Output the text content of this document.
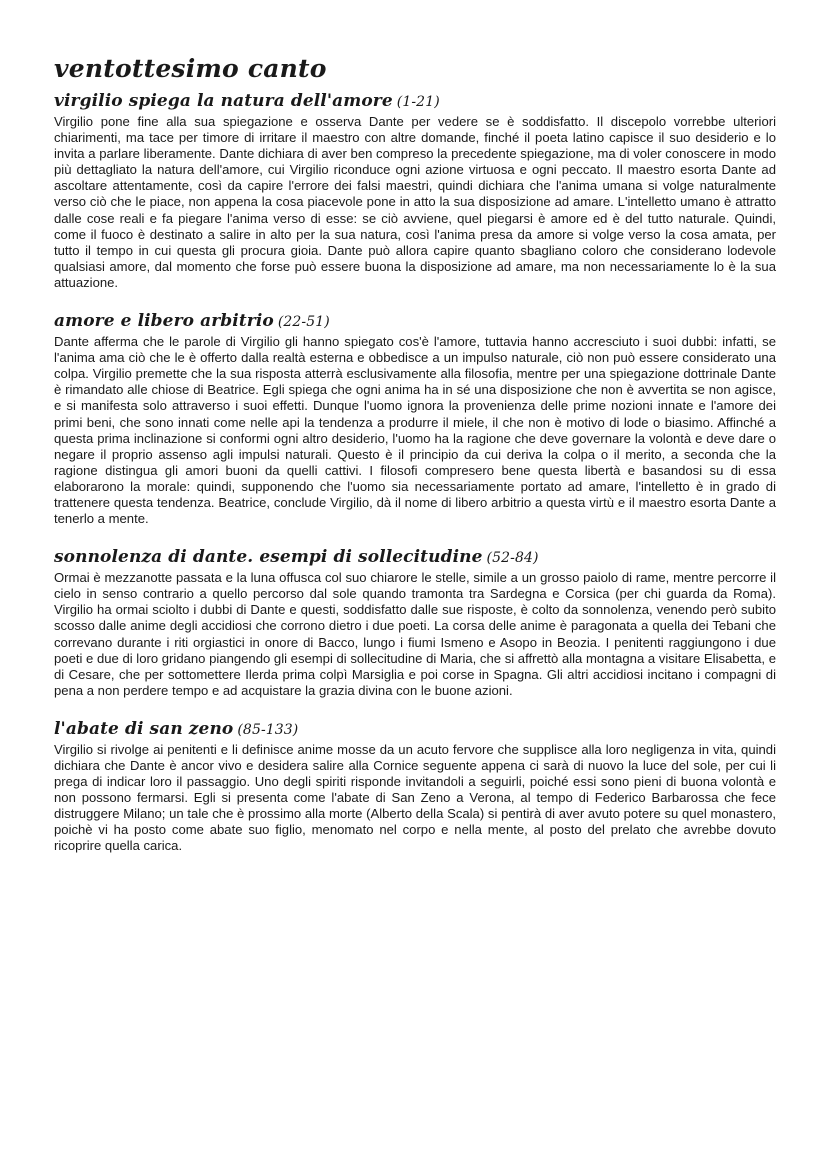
ventottesimo canto
virgilio spiega la natura dell'amore (1-21)

Virgilio pone fine alla sua spiegazione e osserva Dante per vedere se è soddisfatto. Il discepolo vorrebbe ulteriori chiarimenti, ma tace per timore di irritare il maestro con altre domande, finché il poeta latino capisce il suo desiderio e lo invita a parlare liberamente. Dante dichiara di aver ben compreso la precedente spiegazione, ma di voler conoscere in modo più dettagliato la natura dell'amore, cui Virgilio riconduce ogni azione virtuosa e ogni peccato. Il maestro esorta Dante ad ascoltare attentamente, così da capire l'errore dei falsi maestri, quindi dichiara che l'anima umana si volge naturalmente verso ciò che le piace, non appena la cosa piacevole pone in atto la sua disposizione ad amare. L'intelletto umano è attratto dalle cose reali e fa piegare l'anima verso di esse: se ciò avviene, quel piegarsi è amore ed è del tutto naturale. Quindi, come il fuoco è destinato a salire in alto per la sua natura, così l'anima presa da amore si volge verso la cosa amata, per tutto il tempo in cui questa gli procura gioia. Dante può allora capire quanto sbagliano coloro che considerano lodevole qualsiasi amore, dal momento che forse può essere buona la disposizione ad amare, ma non necessariamente lo è la sua attuazione.

amore e libero arbitrio (22-51)

Dante afferma che le parole di Virgilio gli hanno spiegato cos'è l'amore, tuttavia hanno accresciuto i suoi dubbi: infatti, se l'anima ama ciò che le è offerto dalla realtà esterna e obbedisce a un impulso naturale, ciò non può essere considerato una colpa. Virgilio premette che la sua risposta atterrà esclusivamente alla filosofia, mentre per una spiegazione dottrinale Dante è rimandato alle chiose di Beatrice. Egli spiega che ogni anima ha in sé una disposizione che non è avvertita se non agisce, e si manifesta solo attraverso i suoi effetti. Dunque l'uomo ignora la provenienza delle prime nozioni innate e l'amore dei primi beni, che sono innati come nelle api la tendenza a produrre il miele, il che non è motivo di lode o biasimo. Affinché a questa prima inclinazione si conformi ogni altro desiderio, l'uomo ha la ragione che deve governare la volontà e deve dare o negare il proprio assenso agli impulsi naturali. Questo è il principio da cui deriva la colpa o il merito, a seconda che la ragione distingua gli amori buoni da quelli cattivi. I filosofi compresero bene questa libertà e basandosi su di essa elaborarono la morale: quindi, supponendo che l'uomo sia necessariamente portato ad amare, l'intelletto è in grado di trattenere questa tendenza. Beatrice, conclude Virgilio, dà il nome di libero arbitrio a questa virtù e il maestro esorta Dante a tenerlo a mente.

sonnolenza di dante. esempi di sollecitudine (52-84)

Ormai è mezzanotte passata e la luna offusca col suo chiarore le stelle, simile a un grosso paiolo di rame, mentre percorre il cielo in senso contrario a quello percorso dal sole quando tramonta tra Sardegna e Corsica (per chi guarda da Roma). Virgilio ha ormai sciolto i dubbi di Dante e questi, soddisfatto dalle sue risposte, è colto da sonnolenza, venendo però subito scosso dalle anime degli accidiosi che corrono dietro i due poeti. La corsa delle anime è paragonata a quella dei Tebani che correvano durante i riti orgiastici in onore di Bacco, lungo i fiumi Ismeno e Asopo in Beozia. I penitenti raggiungono i due poeti e due di loro gridano piangendo gli esempi di sollecitudine di Maria, che si affrettò alla montagna a visitare Elisabetta, e di Cesare, che per sottomettere Ilerda prima colpì Marsiglia e poi corse in Spagna. Gli altri accidiosi incitano i compagni di pena a non perdere tempo e ad acquistare la grazia divina con le buone azioni.

l'abate di san zeno (85-133)

Virgilio si rivolge ai penitenti e li definisce anime mosse da un acuto fervore che supplisce alla loro negligenza in vita, quindi dichiara che Dante è ancor vivo e desidera salire alla Cornice seguente appena ci sarà di nuovo la luce del sole, per cui li prega di indicar loro il passaggio. Uno degli spiriti risponde invitandoli a seguirli, poiché essi sono pieni di buona volontà e non possono fermarsi. Egli si presenta come l'abate di San Zeno a Verona, al tempo di Federico Barbarossa che fece distruggere Milano; un tale che è prossimo alla morte (Alberto della Scala) si pentirà di aver avuto potere su quel monastero, poichè vi ha posto come abate suo figlio, menomato nel corpo e nella mente, al posto del prelato che avrebbe dovuto ricoprire quella carica.
